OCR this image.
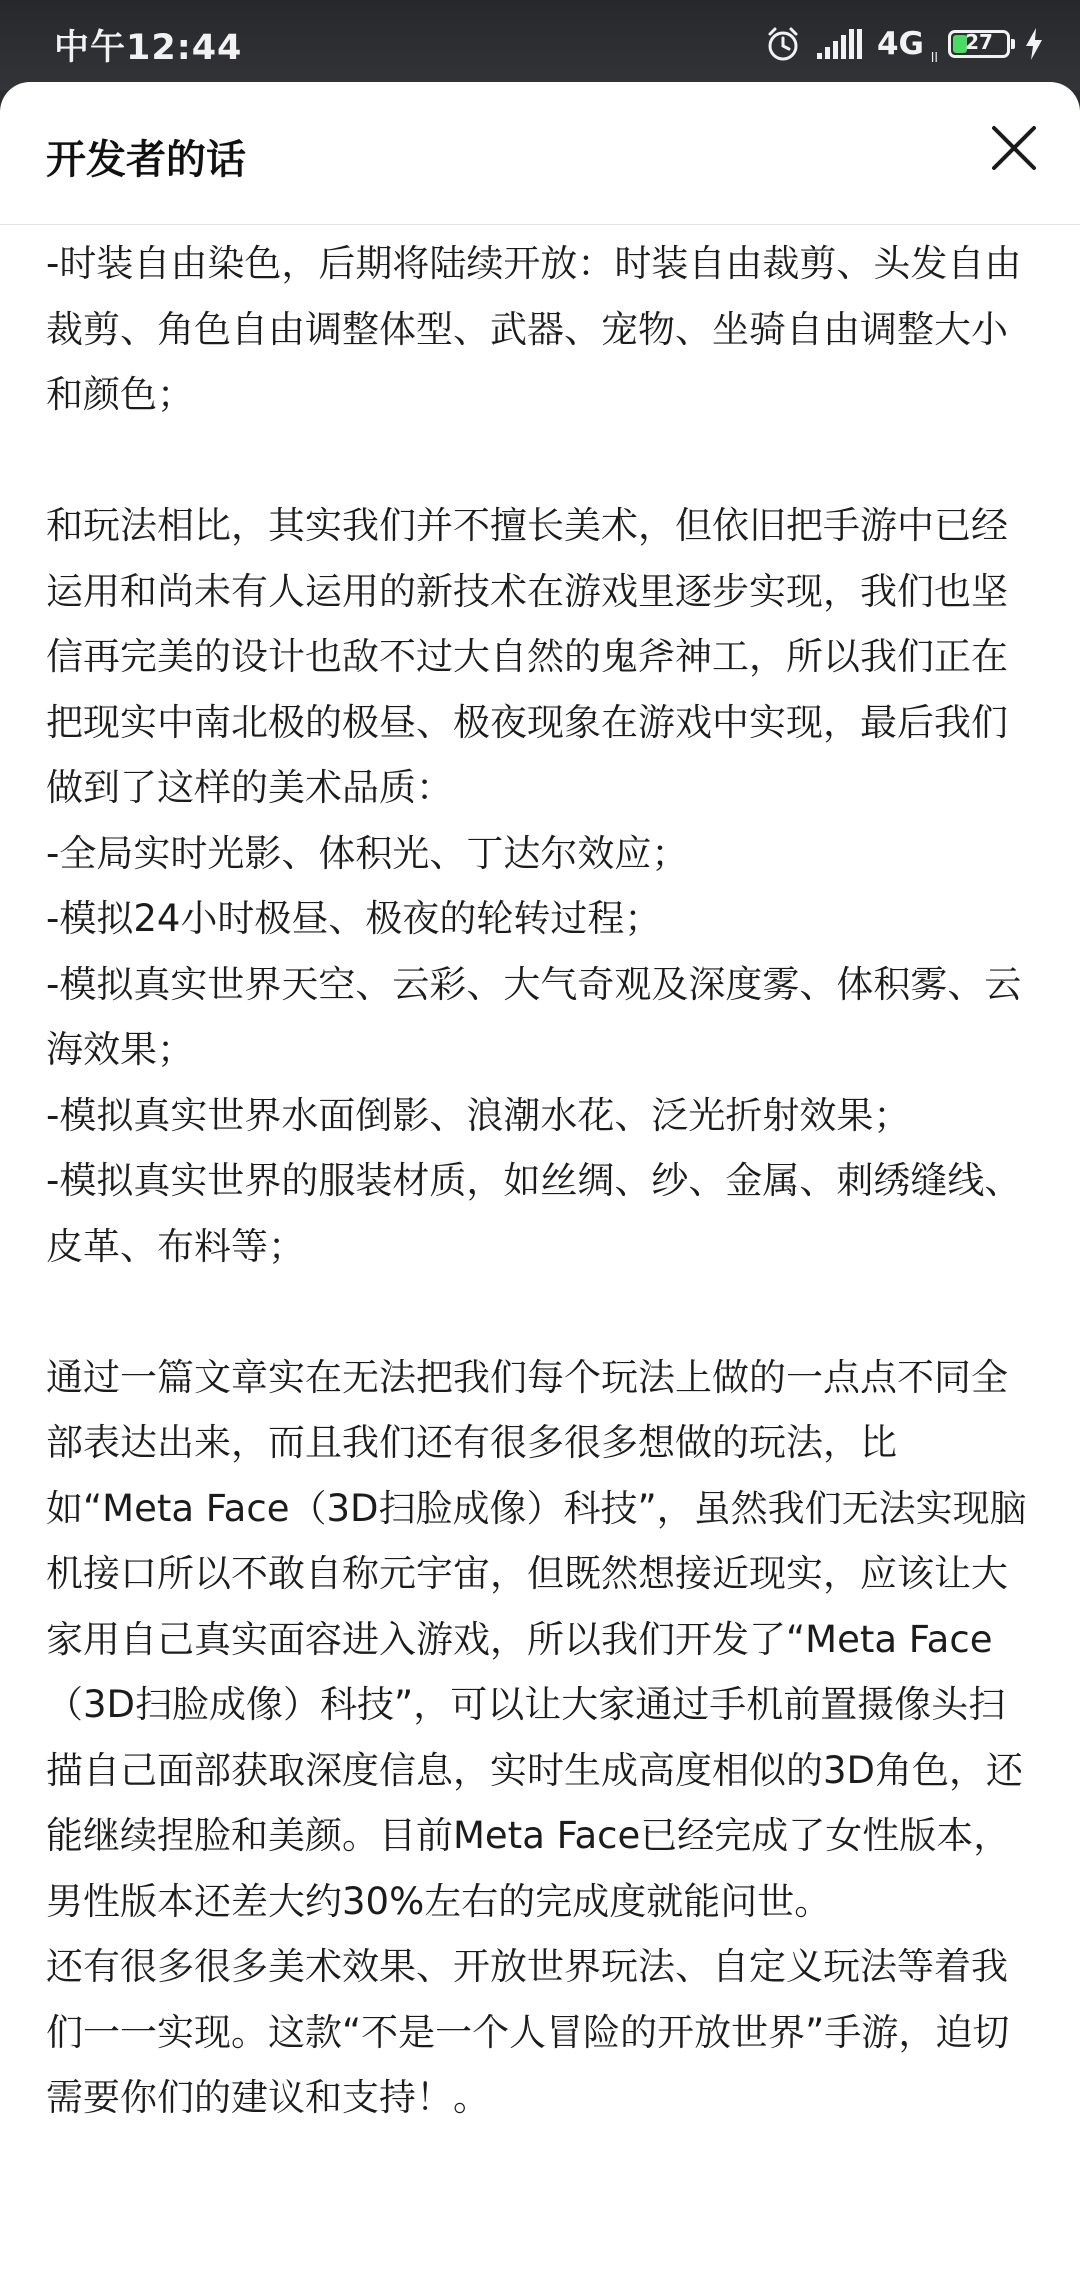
中午12:44	4G ll
27
开发者的话

-时装自由染色，后期将陆续开放：时装自由裁剪、头发自由裁剪、角色自由调整体型、武器、宠物、坐骑自由调整大小和颜色；

和玩法相比，其实我们并不擅长美术，但依旧把手游中已经运用和尚未有人运用的新技术在游戏里逐步实现，我们也坚信再完美的设计也敌不过大自然的鬼斧神工，所以我们正在把现实中南北极的极昼、极夜现象在游戏中实现，最后我们做到了这样的美术品质：

-全局实时光影、体积光、丁达尔效应；

-模拟24小时极昼、极夜的轮转过程；

-模拟真实世界天空、云彩、大气奇观及深度雾、体积雾、云海效果；

-模拟真实世界水面倒影、浪潮水花、泛光折射效果；

-模拟真实世界的服装材质，如丝绸、纱、金属、刺绣缝线、皮革、布料等；

通过一篇文章实在无法把我们每个玩法上做的一点点不同全部表达出来，而且我们还有很多很多想做的玩法，比如“Meta Face（3D扫脸成像）科技”，虽然我们无法实现脑机接口所以不敢自称元宇宙，但既然想接近现实，应该让大家用自己真实面容进入游戏，所以我们开发了“Meta Face（3D扫脸成像）科技”，可以让大家通过手机前置摄像头扫描自己面部获取深度信息，实时生成高度相似的3D角色，还能继续捏脸和美颜。目前Meta Face已经完成了女性版本，男性版本还差大约30%左右的完成度就能问世。

还有很多很多美术效果、开放世界玩法、自定义玩法等着我们一一实现。这款“不是一个人冒险的开放世界”手游，迫切需要你们的建议和支持！。
